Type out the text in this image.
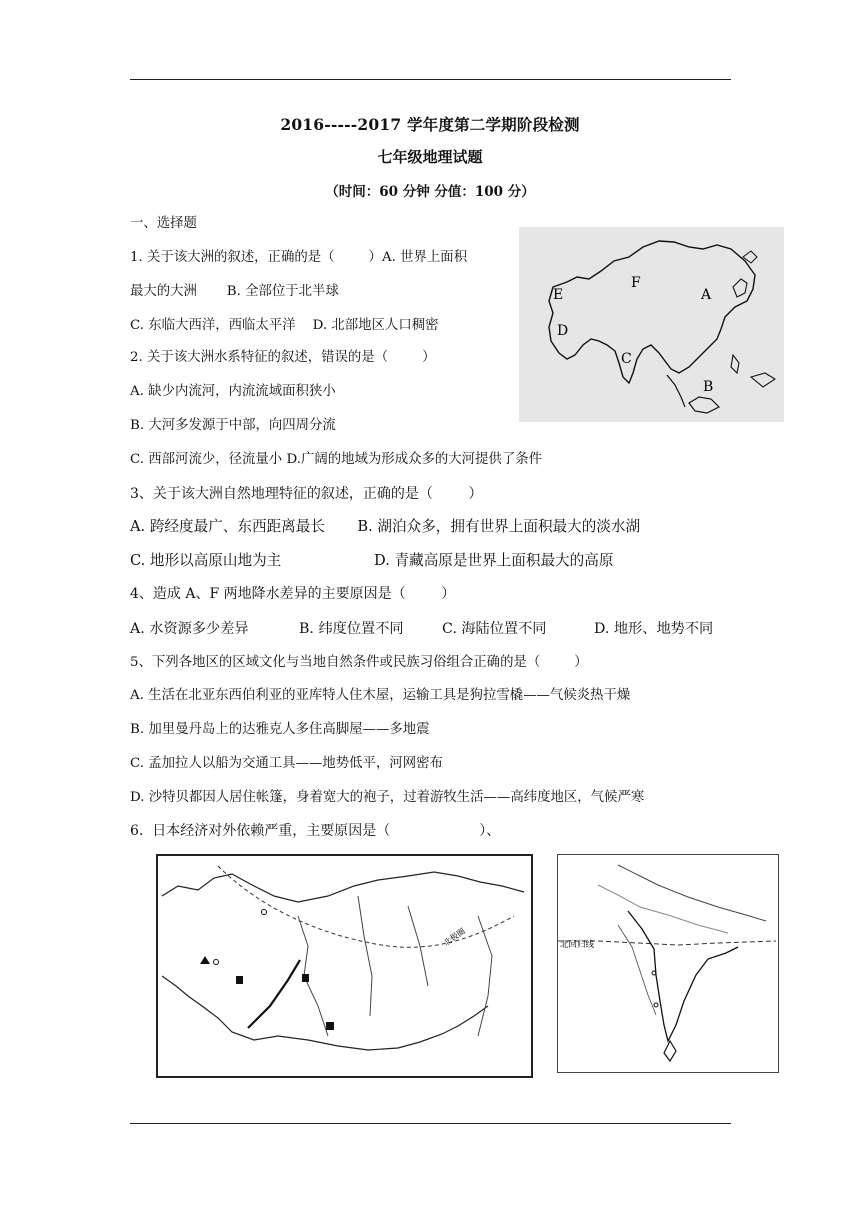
2016-----2017 学年度第二学期阶段检测
七年级地理试题
（时间：60 分钟 分值：100 分）
一、选择题
1. 关于该大洲的叙述，正确的是（        ）A. 世界上面积
最大的大洲       B. 全部位于北半球
C. 东临大西洋，西临太平洋    D. 北部地区人口稠密
2. 关于该大洲水系特征的叙述，错误的是（        ）
A. 缺少内流河，内流流域面积狭小
B. 大河多发源于中部，向四周分流
C. 西部河流少，径流量小 D.广阔的地域为形成众多的大河提供了条件
3、关于该大洲自然地理特征的叙述，正确的是（        ）
A. 跨经度最广、东西距离最长       B. 湖泊众多，拥有世界上面积最大的淡水湖
C. 地形以高原山地为主                    D. 青藏高原是世界上面积最大的高原
4、造成 A、F 两地降水差异的主要原因是（        ）
A. 水资源多少差异	B. 纬度位置不同	C. 海陆位置不同	D. 地形、地势不同
5、下列各地区的区域文化与当地自然条件或民族习俗组合正确的是（        ）
A. 生活在北亚东西伯利亚的亚库特人住木屋，运输工具是狗拉雪橇——气候炎热干燥
B. 加里曼丹岛上的达雅克人多住高脚屋——多地震
C. 孟加拉人以船为交通工具——地势低平，河网密布
D. 沙特贝都因人居住帐篷，身着宽大的袍子，过着游牧生活——高纬度地区，气候严寒
6.  日本经济对外依赖严重，主要原因是（                    ）、
A
B
C
D
E
F
北极圈	北回归线
